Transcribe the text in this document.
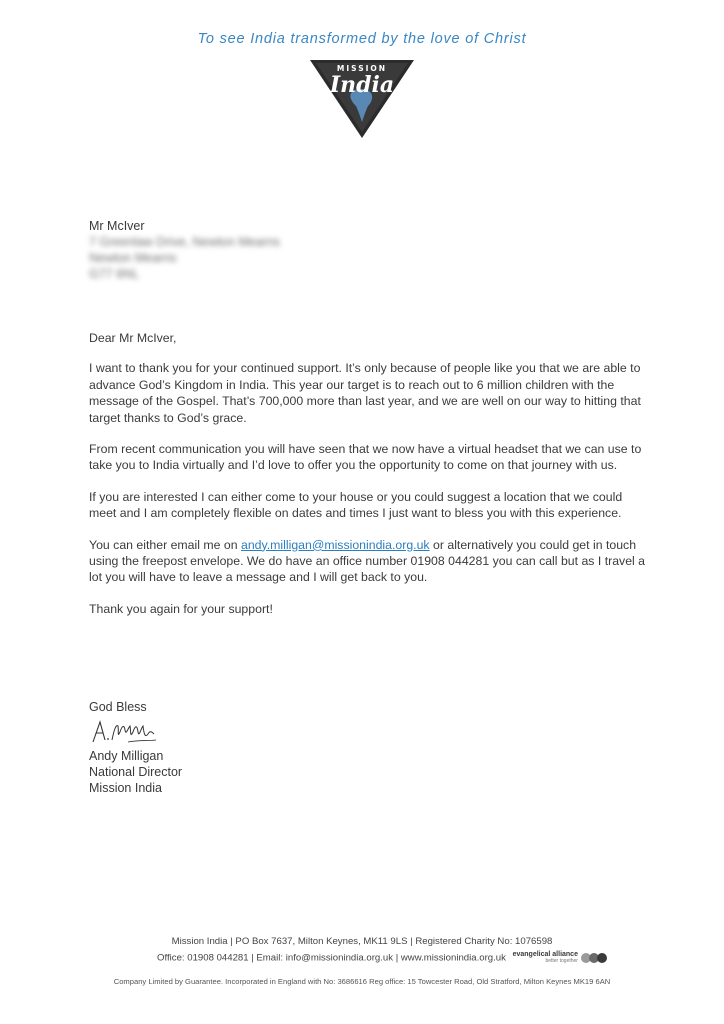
To see India transformed by the love of Christ
MISSION
India
Mr McIver
7 Greenlaw Drive, Newton Mearns
Newton Mearns
G77 6NL

Dear Mr McIver,

I want to thank you for your continued support. It’s only because of people like you that we are able to advance God’s Kingdom in India. This year our target is to reach out to 6 million children with the message of the Gospel. That’s 700,000 more than last year, and we are well on our way to hitting that target thanks to God’s grace.

From recent communication you will have seen that we now have a virtual headset that we can use to take you to India virtually and I’d love to offer you the opportunity to come on that journey with us.

If you are interested I can either come to your house or you could suggest a location that we could meet and I am completely flexible on dates and times I just want to bless you with this experience.

You can either email me on andy.milligan@missionindia.org.uk or alternatively you could get in touch using the freepost envelope. We do have an office number 01908 044281 you can call but as I travel a lot you will have to leave a message and I will get back to you.

Thank you again for your support!

God Bless
Andy Milligan
National Director
Mission India
Mission India | PO Box 7637, Milton Keynes, MK11 9LS | Registered Charity No: 1076598
Office: 01908 044281 | Email: info@missionindia.org.uk | www.missionindia.org.uk evangelical alliance
better together
Company Limited by Guarantee. Incorporated in England with No: 3686616 Reg office: 15 Towcester Road, Old Stratford, Milton Keynes MK19 6AN
